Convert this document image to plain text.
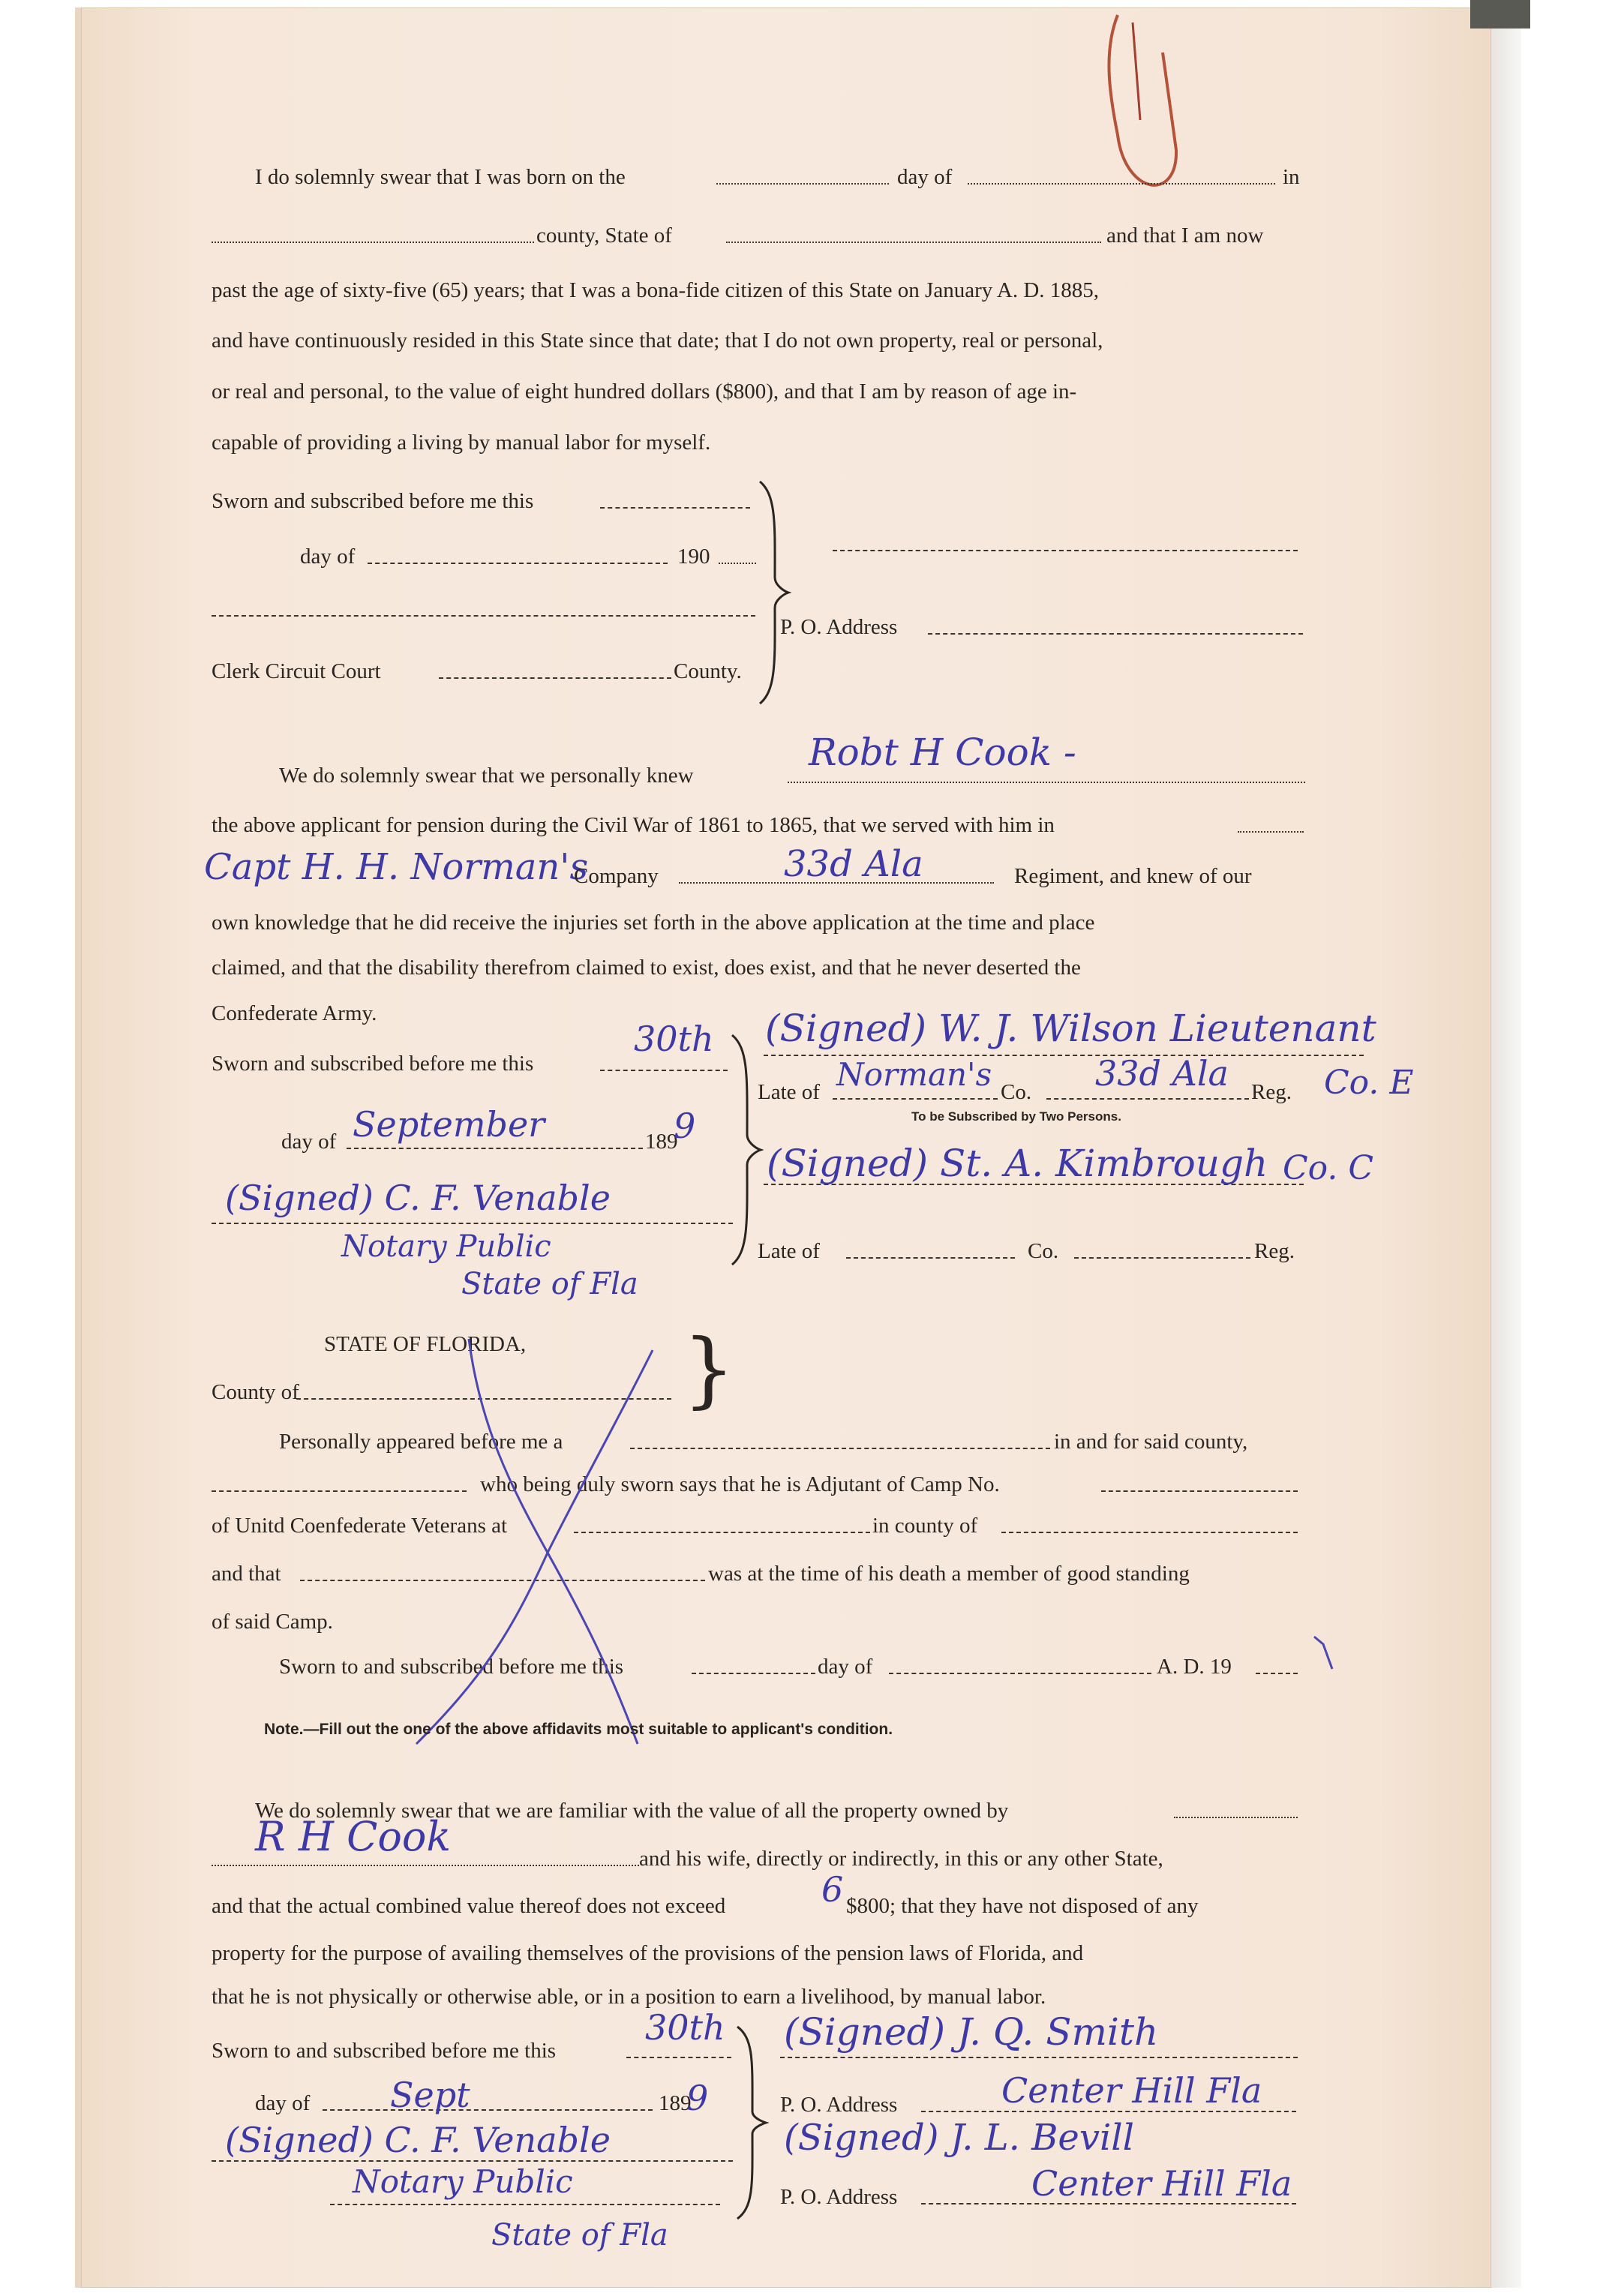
I do solemnly swear that I was born on the	day of	in
county, State of	and that I am now
past the age of sixty-five (65) years; that I was a bona-fide citizen of this State on January A. D. 1885,
and have continuously resided in this State since that date; that I do not own property, real or personal,
or real and personal, to the value of eight hundred dollars ($800), and that I am by reason of age in-
capable of providing a living by manual labor for myself.
Sworn and subscribed before me this
day of	190
Clerk Circuit Court	County.
P. O. Address
We do solemnly swear that we personally knew
Robt H Cook -
the above applicant for pension during the Civil War of 1861 to 1865, that we served with him in
Capt H. H. Norman's
Company	33d Ala	Regiment, and knew of our
own knowledge that he did receive the injuries set forth in the above application at the time and place
claimed, and that the disability therefrom claimed to exist, does exist, and that he never deserted the
Confederate Army.
Sworn and subscribed before me this
30th
day of September	189
9
(Signed) C. F. Venable
Notary Public
State of Fla
(Signed) W. J. Wilson Lieutenant
Late of Norman's Co. 33d Ala Reg. Co. E
To be Subscribed by Two Persons.
(Signed) St. A. Kimbrough Co. C
Late of	Co.	Reg.
STATE OF FLORIDA,
County of	}
Personally appeared before me a	in and for said county,
who being duly sworn says that he is Adjutant of Camp No.
of Unitd Coenfederate Veterans at	in county of
and that	was at the time of his death a member of good standing
of said Camp.
Sworn to and subscribed before me this	day of	A. D. 19
Note.—Fill out the one of the above affidavits most suitable to applicant's condition.
We do solemnly swear that we are familiar with the value of all the property owned by
R H Cook	and his wife, directly or indirectly, in this or any other State,
and that the actual combined value thereof does not exceed	6 $800; that they have not disposed of any
property for the purpose of availing themselves of the provisions of the pension laws of Florida, and
that he is not physically or otherwise able, or in a position to earn a livelihood, by manual labor.
Sworn to and subscribed before me this
30th
day of Sept	189
9
(Signed) C. F. Venable
Notary Public
State of Fla
(Signed) J. Q. Smith
P. O. Address	Center Hill Fla
(Signed) J. L. Bevill
P. O. Address	Center Hill Fla
